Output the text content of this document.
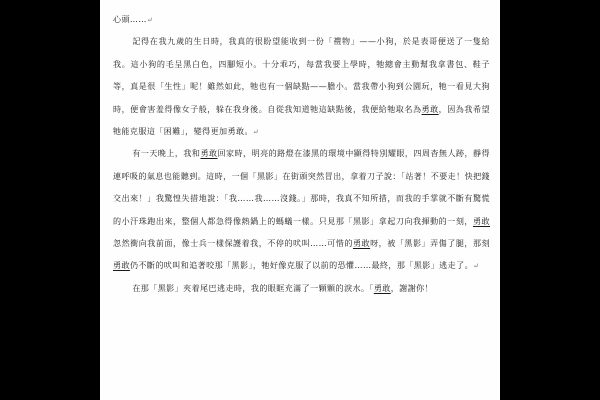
心頭……↵

記得在我九歲的生日時，我真的很盼望能收到一份「禮物」——小狗，於是表哥便送了一隻給我。這小狗的毛呈黑白色，四腳短小。十分乖巧，每當我要上學時，牠總會主動幫我拿書包、鞋子等，真是很「生性」呢！雖然如此，牠也有一個缺點——膽小。當我帶小狗到公園玩，牠一看見大狗時，便會害羞得像女子般，躲在我身後。自從我知道牠這缺點後，我便給牠取名為勇敢，因為我希望牠能克服這「困難」，變得更加勇敢。↵

有一天晚上，我和勇敢回家時，明亮的路燈在漆黑的環境中顯得特別耀眼，四周杳無人跡，靜得連呼吸的氣息也能聽到。這時，一個「黑影」在街頭突然冒出，拿着刀子說：「站著！不要走！快把錢交出來！」我驚惶失措地說：「我……我……沒錢。」那時，我真不知所措，而我的手掌就不斷有驚慌的小汗珠跑出來，整個人都急得像熱鍋上的螞蟻一樣。只見那「黑影」拿起刀向我揮動的一刻，勇敢忽然衝向我前面，像士兵一樣保護着我，不停的吠叫……可惜的勇敢呀，被「黑影」弄傷了腿，那刻勇敢仍不斷的吠叫和追著咬那「黑影」，牠好像克服了以前的恐懼……最終，那「黑影」逃走了。↵

在那「黑影」夾着尾巴逃走時，我的眼眶充滿了一顆顆的淚水。「勇敢，謝謝你！
